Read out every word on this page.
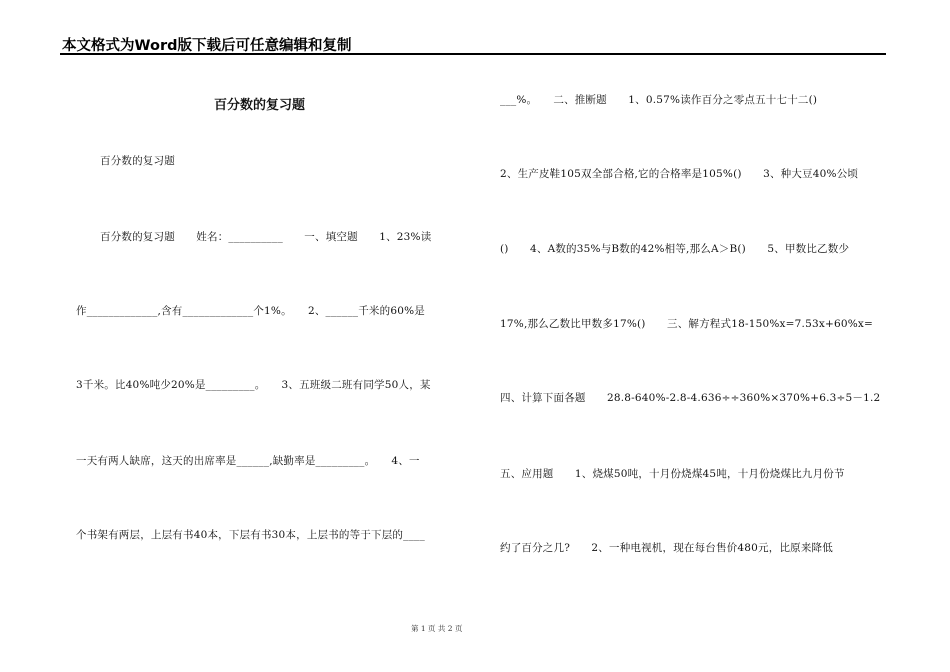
本文格式为Word版下载后可任意编辑和复制
百分数的复习题
百分数的复习题
百分数的复习题　　姓名：__________　　一、填空题　　1、23%读
作_____________,含有_____________个1%。　　2、______千米的60%是
3千米。比40%吨少20%是_________。　　3、五班级二班有同学50人，某
一天有两人缺席，这天的出席率是______,缺勤率是_________。　　4、一
个书架有两层，上层有书40本，下层有书30本，上层书的等于下层的____
___%。　　二、推断题　　1、0.57%读作百分之零点五十七十二()
2、生产皮鞋105双全部合格,它的合格率是105%()　　3、种大豆40%公顷
()　　4、A数的35%与B数的42%相等,那么A＞B()　　5、甲数比乙数少
17%,那么乙数比甲数多17%()　　三、解方程式18-150%x=7.53x+60%x=
四、计算下面各题　　28.8-640%-2.8-4.636÷÷360%×370%+6.3÷5－1.2
五、应用题　　1、烧煤50吨，十月份烧煤45吨，十月份烧煤比九月份节
约了百分之几?　　2、一种电视机，现在每台售价480元，比原来降低
第 1 页 共 2 页
